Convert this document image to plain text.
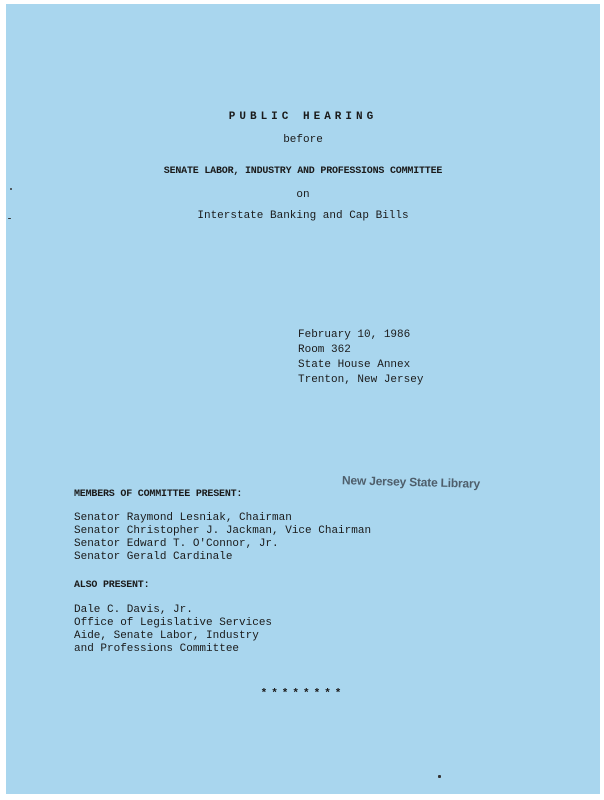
PUBLIC HEARING
before
SENATE LABOR, INDUSTRY AND PROFESSIONS COMMITTEE
on
Interstate Banking and Cap Bills
February 10, 1986
Room 362
State House Annex
Trenton, New Jersey
New Jersey State Library
MEMBERS OF COMMITTEE PRESENT:
Senator Raymond Lesniak, Chairman
Senator Christopher J. Jackman, Vice Chairman
Senator Edward T. O'Connor, Jr.
Senator Gerald Cardinale
ALSO PRESENT:
Dale C. Davis, Jr.
Office of Legislative Services
Aide, Senate Labor, Industry
and Professions Committee
********
